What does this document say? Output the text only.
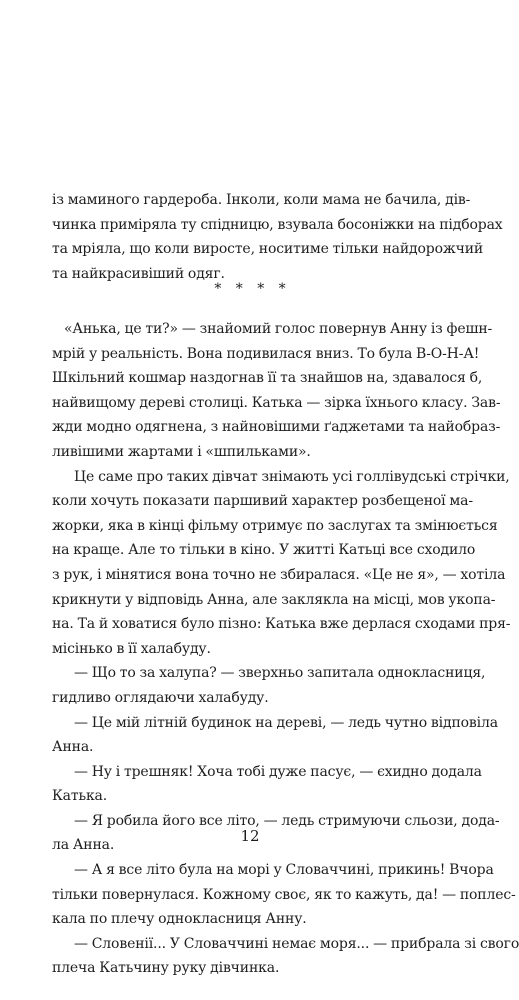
із маминого гардероба. Інколи, коли мама не бачила, дів-
чинка приміряла ту спідницю, взувала босоніжки на підборах
та мріяла, що коли виросте, носитиме тільки найдорожчий
та найкрасивіший одяг.
* * * *
«Анька, це ти?» — знайомий голос повернув Анну із фешн-
мрій у реальність. Вона подивилася вниз. То була В-О-Н-А!
Шкільний кошмар наздогнав її та знайшов на, здавалося б,
найвищому дереві столиці. Катька — зірка їхнього класу. Зав-
жди модно одягнена, з найновішими ґаджетами та найобраз-
ливішими жартами і «шпильками».
Це саме про таких дівчат знімають усі голлівудські стрічки,
коли хочуть показати паршивий характер розбещеної ма-
жорки, яка в кінці фільму отримує по заслугах та змінюється
на краще. Але то тільки в кіно. У житті Катьці все сходило
з рук, і мінятися вона точно не збиралася. «Це не я», — хотіла
крикнути у відповідь Анна, але заклякла на місці, мов укопа-
на. Та й ховатися було пізно: Катька вже дерлася сходами пря-
місінько в її халабуду.
— Що то за халупа? — зверхньо запитала однокласниця,
гидливо оглядаючи халабуду.
— Це мій літній будинок на дереві, — ледь чутно відповіла
Анна.
— Ну і трешняк! Хоча тобі дуже пасує, — єхидно додала
Катька.
— Я робила його все літо, — ледь стримуючи сльози, дода-
ла Анна.
— А я все літо була на морі у Словаччині, прикинь! Вчора
тільки повернулася. Кожному своє, як то кажуть, да! — поплес-
кала по плечу однокласниця Анну.
— Словенії... У Словаччині немає моря... — прибрала зі свого
плеча Катьчину руку дівчинка.
12
